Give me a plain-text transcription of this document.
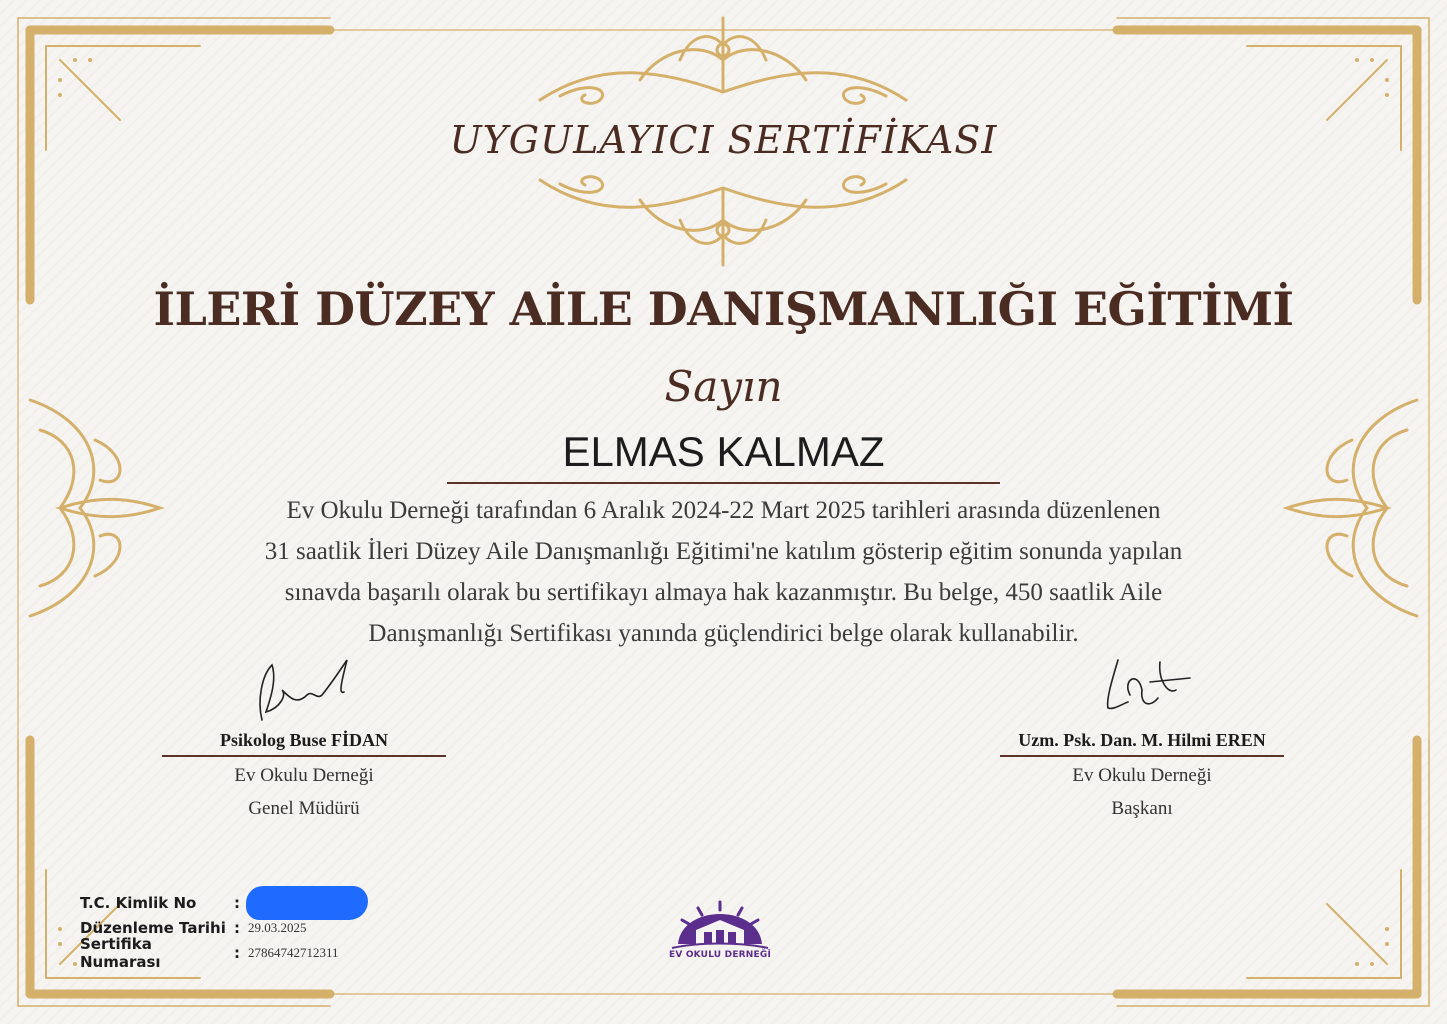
UYGULAYICI SERTİFİKASI
İLERİ DÜZEY AİLE DANIŞMANLIĞI EĞİTİMİ
Sayın
ELMAS KALMAZ
Ev Okulu Derneği tarafından 6 Aralık 2024-22 Mart 2025 tarihleri arasında düzenlenen
31 saatlik İleri Düzey Aile Danışmanlığı Eğitimi'ne katılım gösterip eğitim sonunda yapılan
sınavda başarılı olarak bu sertifikayı almaya hak kazanmıştır. Bu belge, 450 saatlik Aile
Danışmanlığı Sertifikası yanında güçlendirici belge olarak kullanabilir.
Psikolog Buse FİDAN
Ev Okulu Derneği
Genel Müdürü
Uzm. Psk. Dan. M. Hilmi EREN
Ev Okulu Derneği
Başkanı
T.C. Kimlik No	:
Düzenleme Tarihi : 29.03.2025
Sertifika Numarası	: 27864742712311	EV OKULU DERNEĞİ
